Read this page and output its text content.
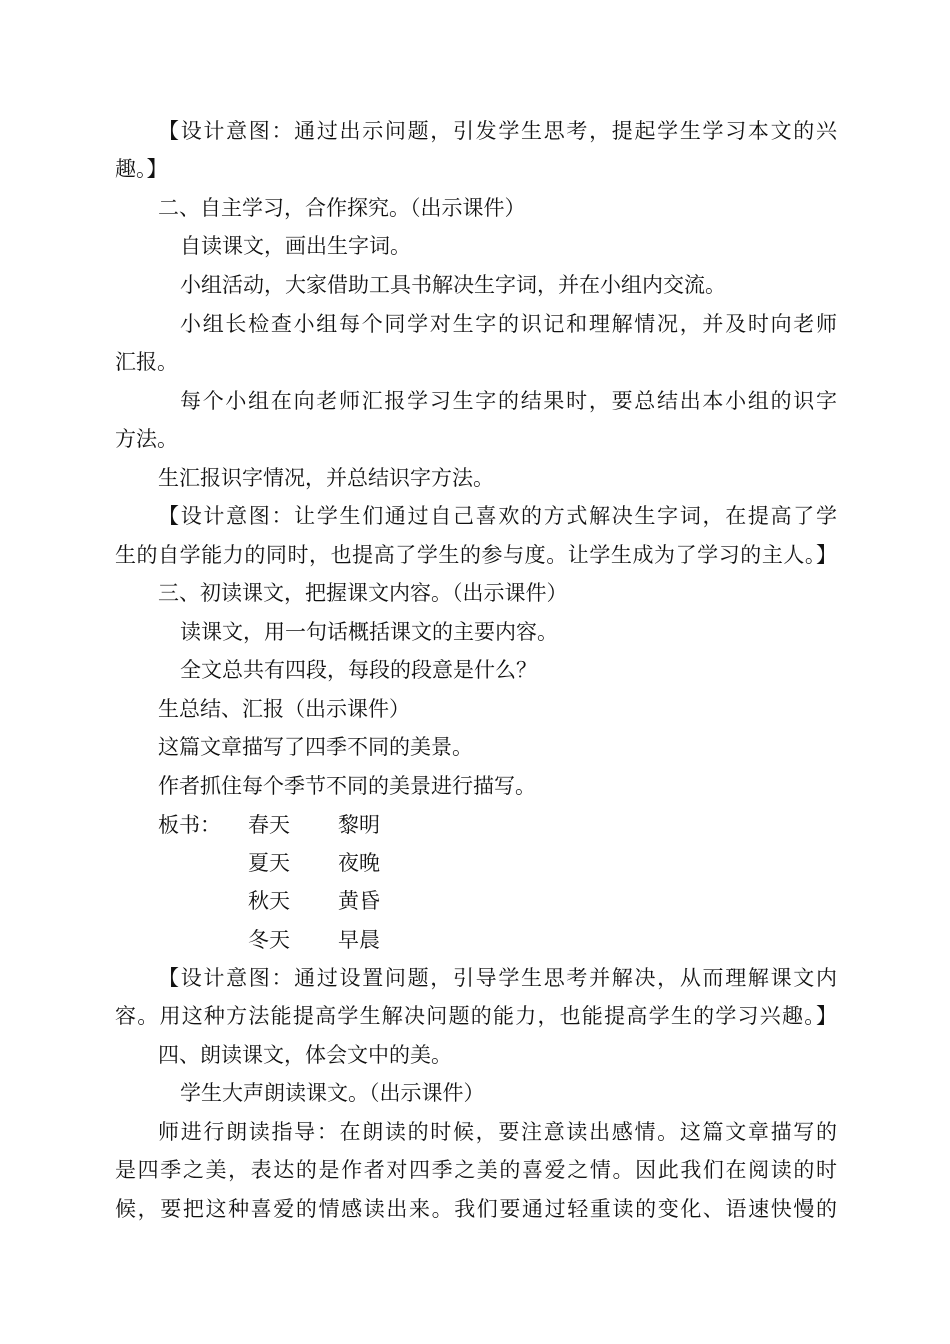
【设计意图：通过出示问题，引发学生思考，提起学生学习本文的兴
趣。】
二、自主学习，合作探究。（出示课件）
自读课文，画出生字词。
小组活动，大家借助工具书解决生字词，并在小组内交流。
小组长检查小组每个同学对生字的识记和理解情况，并及时向老师
汇报。
每个小组在向老师汇报学习生字的结果时，要总结出本小组的识字
方法。
生汇报识字情况，并总结识字方法。
【设计意图：让学生们通过自己喜欢的方式解决生字词，在提高了学
生的自学能力的同时，也提高了学生的参与度。让学生成为了学习的主人。】
三、初读课文，把握课文内容。（出示课件）
读课文，用一句话概括课文的主要内容。
全文总共有四段，每段的段意是什么？
生总结、汇报（出示课件）
这篇文章描写了四季不同的美景。
作者抓住每个季节不同的美景进行描写。
板书： 春天 黎明
夏天 夜晚
秋天 黄昏
冬天 早晨
【设计意图：通过设置问题，引导学生思考并解决，从而理解课文内
容。用这种方法能提高学生解决问题的能力，也能提高学生的学习兴趣。】
四、朗读课文，体会文中的美。
学生大声朗读课文。（出示课件）
师进行朗读指导：在朗读的时候，要注意读出感情。这篇文章描写的
是四季之美，表达的是作者对四季之美的喜爱之情。因此我们在阅读的时
候，要把这种喜爱的情感读出来。我们要通过轻重读的变化、语速快慢的
